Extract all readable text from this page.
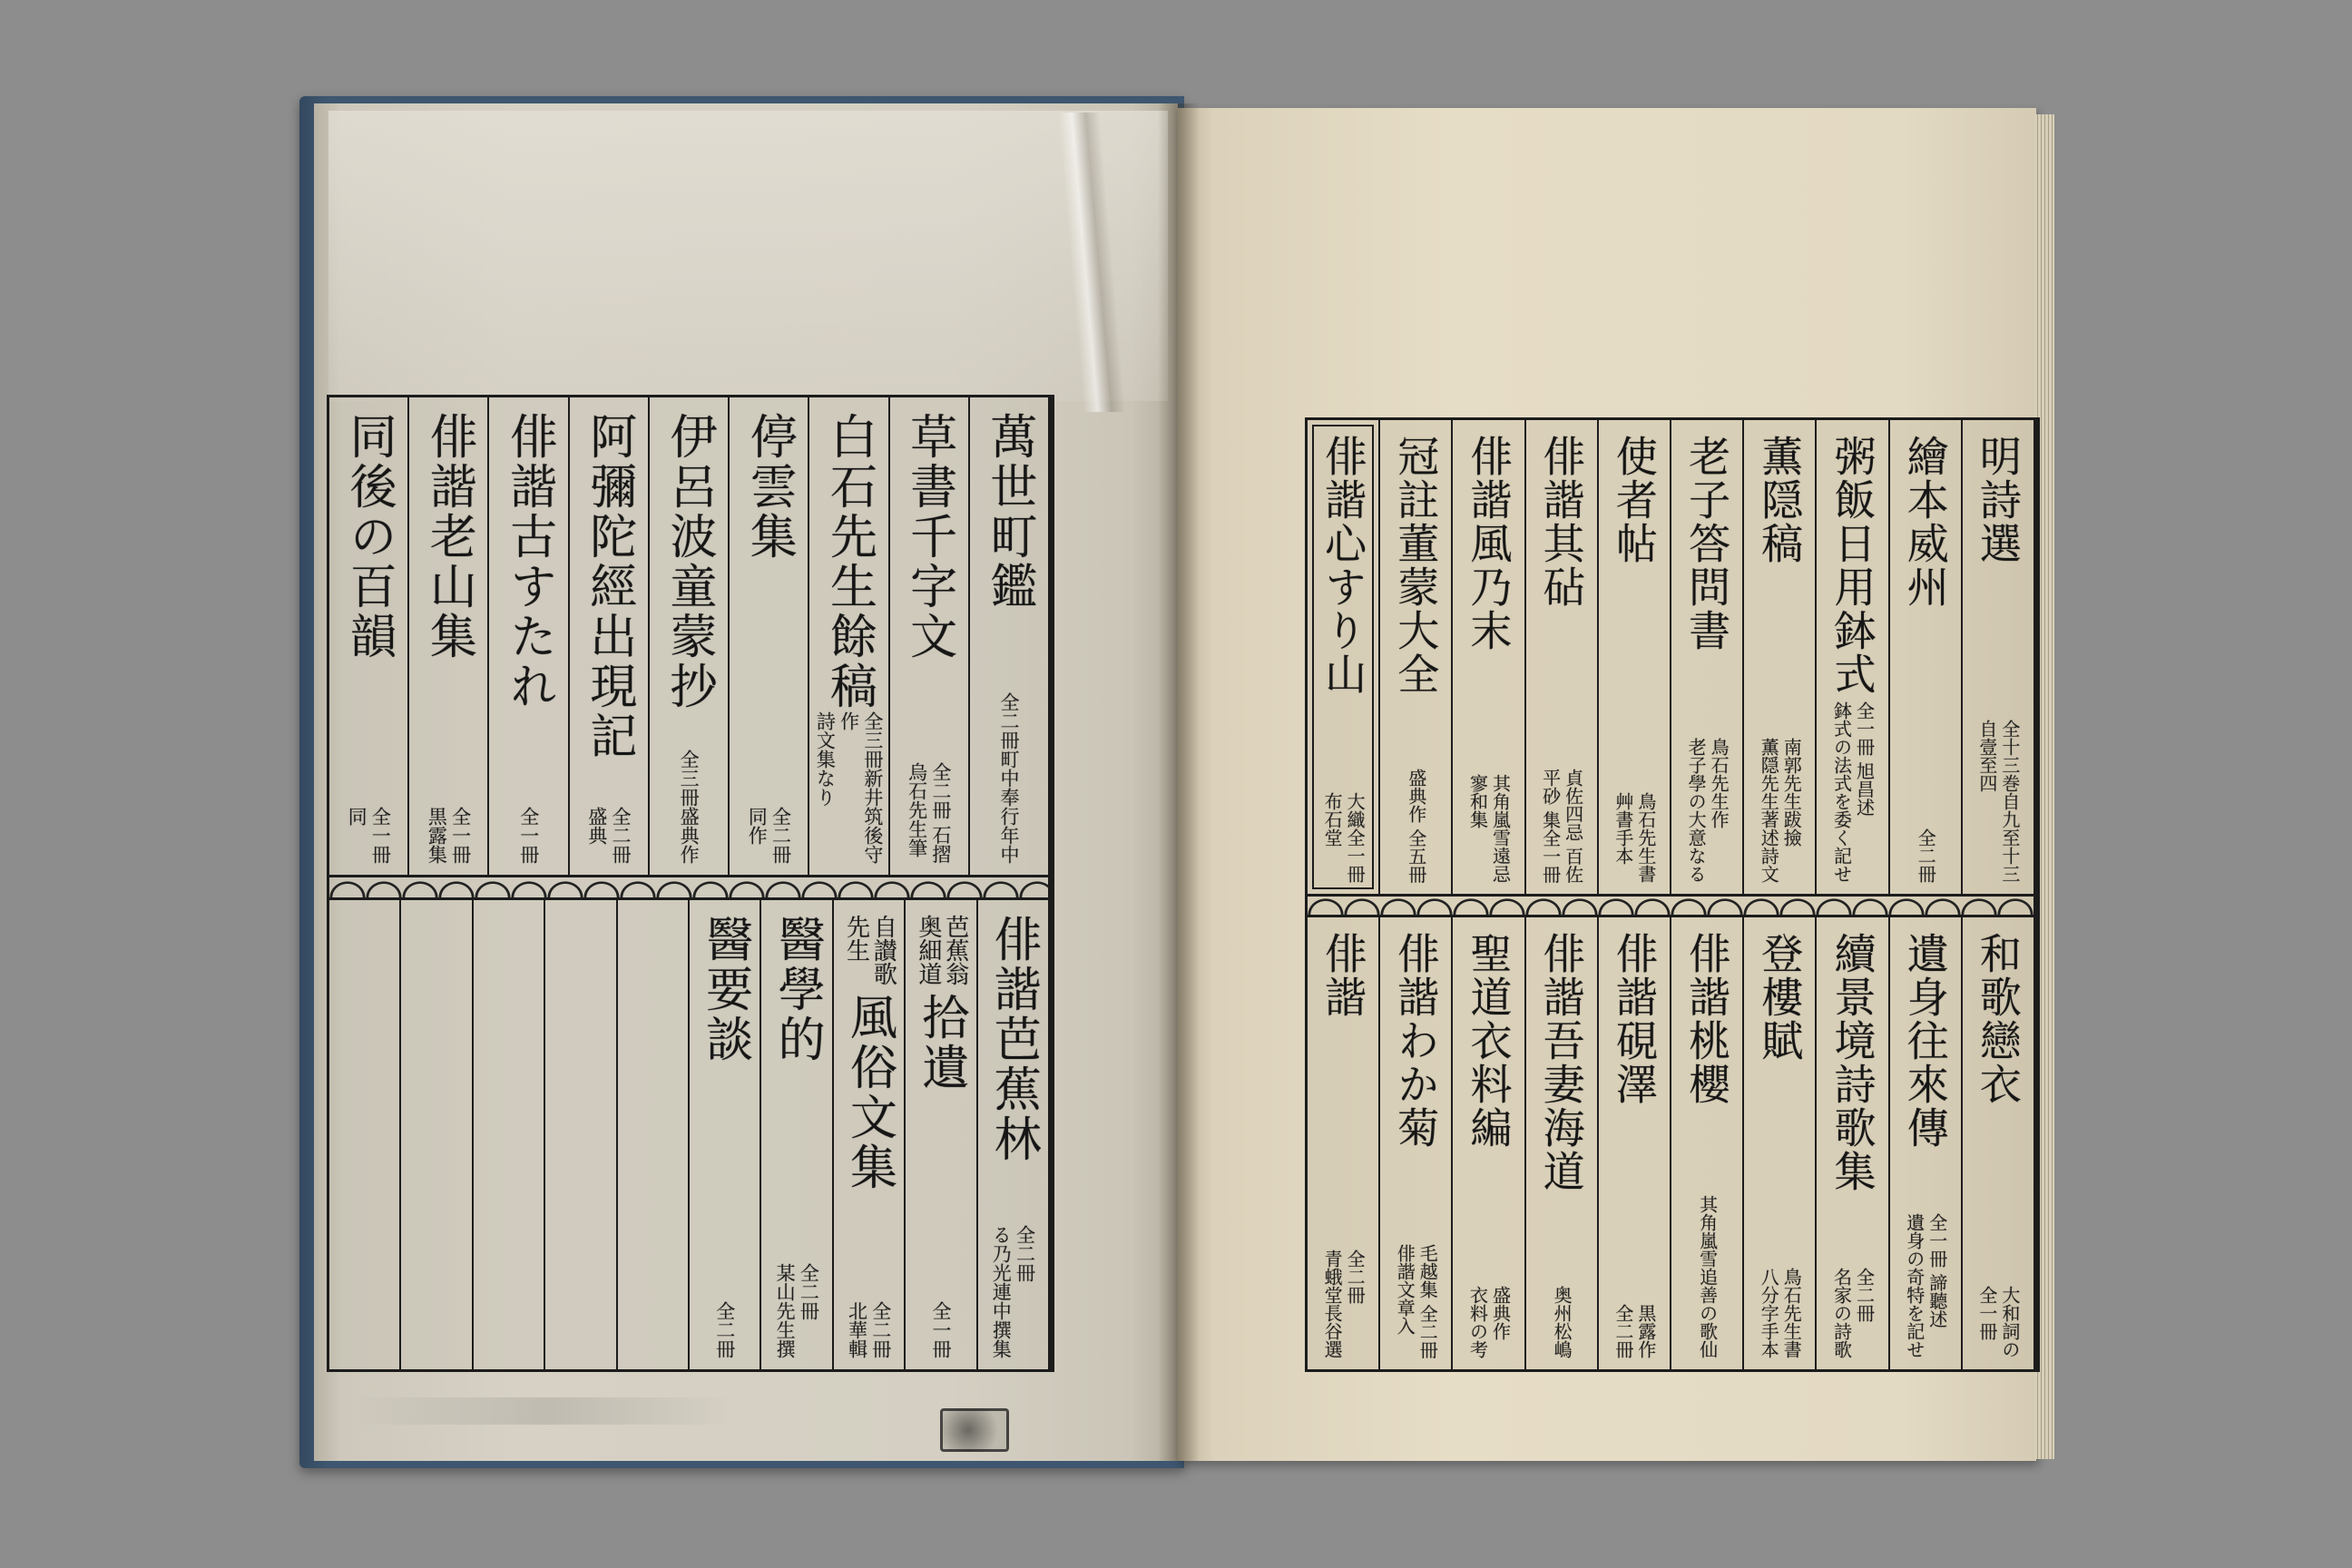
萬世町鑑
全二冊町中奉行年中
草書千字文
全二冊 石摺
烏石先生筆
白石先生餘稿
全三冊新井筑後守作
詩文集なり
停雲集
全二冊
同作
伊呂波童蒙抄
全三冊盛典作
阿彌陀經出現記
全二冊
盛典
俳諧古すたれ
全一冊
俳諧老山集
全一冊
黒露集
同後の百韻
全一冊
同
俳諧芭蕉林
全二冊
る乃光連中撰集
芭蕉翁
奥細道
拾遺
全一冊
自讃歌
先生
風俗文集
全二冊
北華輯
醫學的
全二冊
某山先生撰
醫要談
全二冊
明詩選
全十三巻自九至十三
自壹至四
繪本威州
全二冊
粥飯日用鉢式
全一冊 旭昌述
鉢式の法式を委く記せ
薫隠稿
南郭先生跋撿
薫隠先生著述詩文
老子答問書
鳥石先生作
老子學の大意なる
使者帖
鳥石先生書
艸書手本
俳諧其砧
貞佐四忌 百佐
平砂 集全一冊
俳諧風乃末
其角嵐雪遠忌
寥和集
冠註董蒙大全
盛典作 全五冊
俳諧心すり山
大織全一冊
布石堂
和歌戀衣
大和詞の
全一冊
遺身往來傳
全一冊 諦聽述
遺身の奇特を記せ
續景境詩歌集
全二冊
名家の詩歌
登樓賦
鳥石先生書
八分字手本
俳諧桃櫻
其角嵐雪追善の歌仙
俳諧硯澤
黒露作
全二冊
俳諧吾妻海道
奥州松嶋
聖道衣料編
盛典作
衣料の考
俳諧わか菊
毛越集 全二冊
俳諧文章入
俳諧
全二冊
青蛾堂長谷選
